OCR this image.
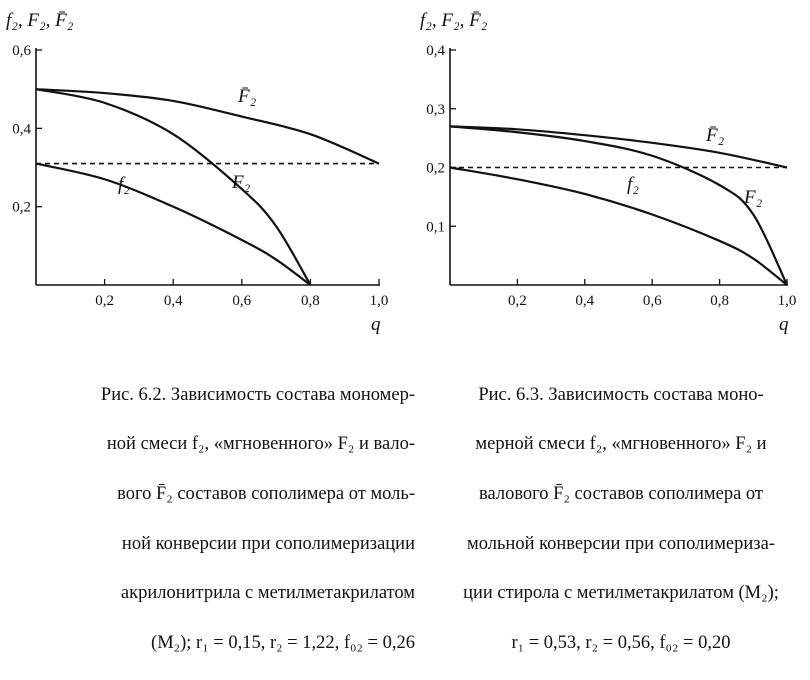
0,2
0,4
0,6
0,2	0,4	0,6	0,8	1,0
f₂, F₂, F̄₂
q
F̄₂
F₂
f₂
0,1
0,2
0,3
0,4
0,2	0,4	0,6	0,8	1,0
f₂, F₂, F̄₂
q
F̄₂
F₂
f₂

Рис. 6.2. Зависимость состава мономер-

ной смеси f₂, «мгновенного» F₂ и вало-

вого F̄₂ составов сополимера от моль-

ной конверсии при сополимеризации

акрилонитрила с метилметакрилатом

(M₂); r₁ = 0,15, r₂ = 1,22, f₀₂ = 0,26

Рис. 6.3. Зависимость состава моно-

мерной смеси f₂, «мгновенного» F₂ и

валового F̄₂ составов сополимера от

мольной конверсии при сополимериза-

ции стирола с метилметакрилатом (M₂);

r₁ = 0,53, r₂ = 0,56, f₀₂ = 0,20
